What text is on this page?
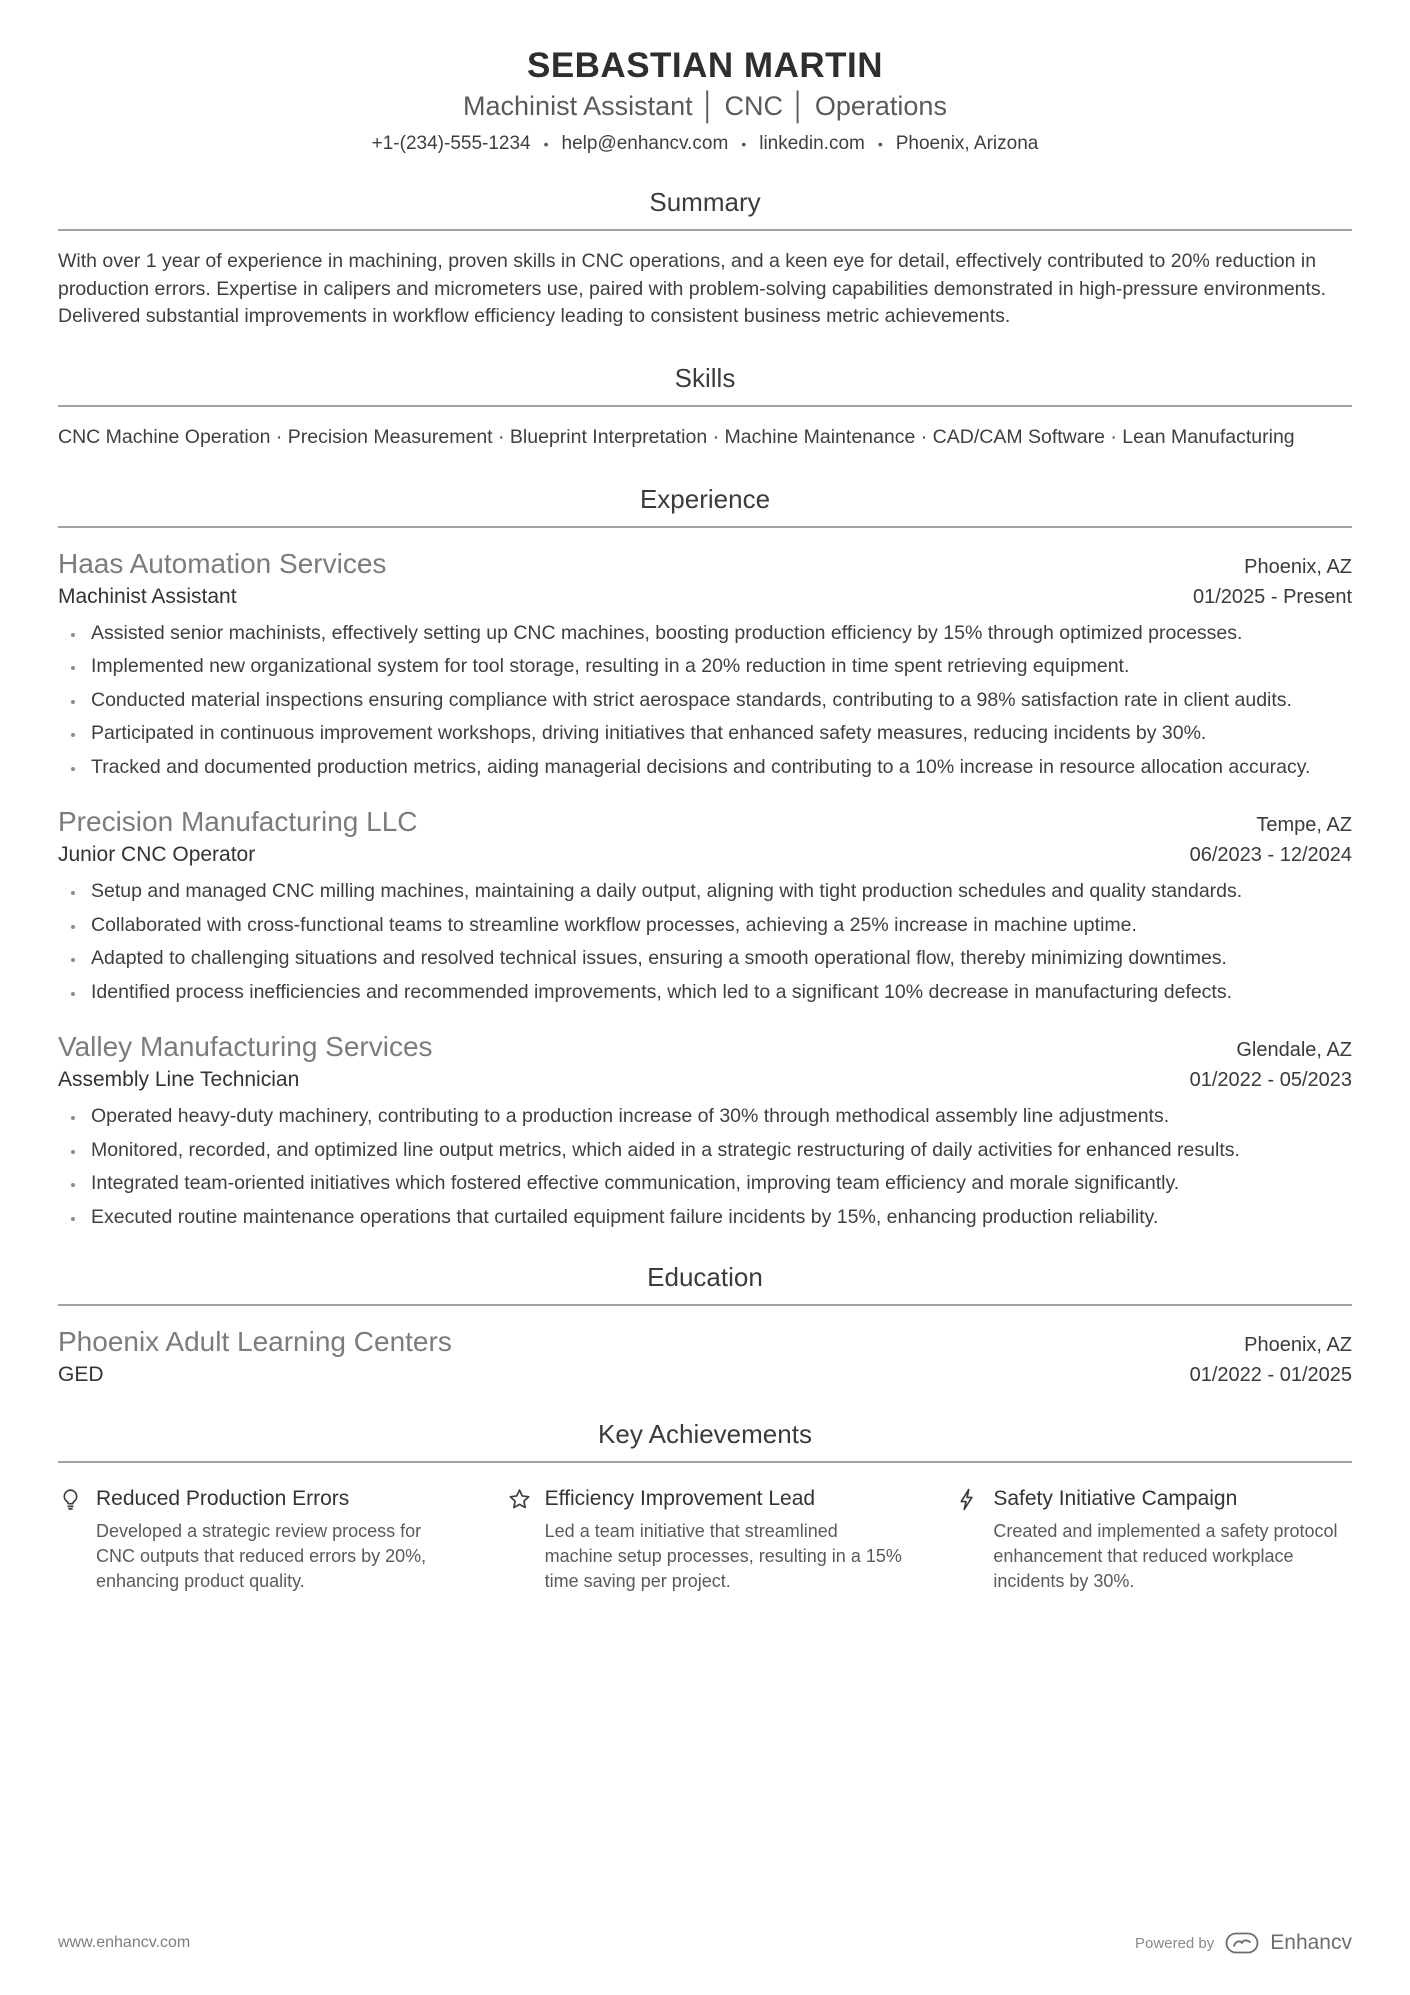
SEBASTIAN MARTIN
Machinist Assistant │ CNC │ Operations
+1-(234)-555-1234 • help@enhancv.com • linkedin.com • Phoenix, Arizona
Summary
With over 1 year of experience in machining, proven skills in CNC operations, and a keen eye for detail, effectively contributed to 20% reduction in production errors. Expertise in calipers and micrometers use, paired with problem-solving capabilities demonstrated in high-pressure environments. Delivered substantial improvements in workflow efficiency leading to consistent business metric achievements.
Skills
CNC Machine Operation · Precision Measurement · Blueprint Interpretation · Machine Maintenance · CAD/CAM Software · Lean Manufacturing
Experience
Haas Automation Services	Phoenix, AZ
Machinist Assistant	01/2025 - Present
• Assisted senior machinists, effectively setting up CNC machines, boosting production efficiency by 15% through optimized processes.
• Implemented new organizational system for tool storage, resulting in a 20% reduction in time spent retrieving equipment.
• Conducted material inspections ensuring compliance with strict aerospace standards, contributing to a 98% satisfaction rate in client audits.
• Participated in continuous improvement workshops, driving initiatives that enhanced safety measures, reducing incidents by 30%.
• Tracked and documented production metrics, aiding managerial decisions and contributing to a 10% increase in resource allocation accuracy.
Precision Manufacturing LLC	Tempe, AZ
Junior CNC Operator	06/2023 - 12/2024
• Setup and managed CNC milling machines, maintaining a daily output, aligning with tight production schedules and quality standards.
• Collaborated with cross-functional teams to streamline workflow processes, achieving a 25% increase in machine uptime.
• Adapted to challenging situations and resolved technical issues, ensuring a smooth operational flow, thereby minimizing downtimes.
• Identified process inefficiencies and recommended improvements, which led to a significant 10% decrease in manufacturing defects.
Valley Manufacturing Services	Glendale, AZ
Assembly Line Technician	01/2022 - 05/2023
• Operated heavy-duty machinery, contributing to a production increase of 30% through methodical assembly line adjustments.
• Monitored, recorded, and optimized line output metrics, which aided in a strategic restructuring of daily activities for enhanced results.
• Integrated team-oriented initiatives which fostered effective communication, improving team efficiency and morale significantly.
• Executed routine maintenance operations that curtailed equipment failure incidents by 15%, enhancing production reliability.
Education
Phoenix Adult Learning Centers	Phoenix, AZ
GED	01/2022 - 01/2025
Key Achievements
Reduced Production Errors
Developed a strategic review process for CNC outputs that reduced errors by 20%, enhancing product quality.
Efficiency Improvement Lead
Led a team initiative that streamlined machine setup processes, resulting in a 15% time saving per project.
Safety Initiative Campaign
Created and implemented a safety protocol enhancement that reduced workplace incidents by 30%.
www.enhancv.com	Powered by	Enhancv
